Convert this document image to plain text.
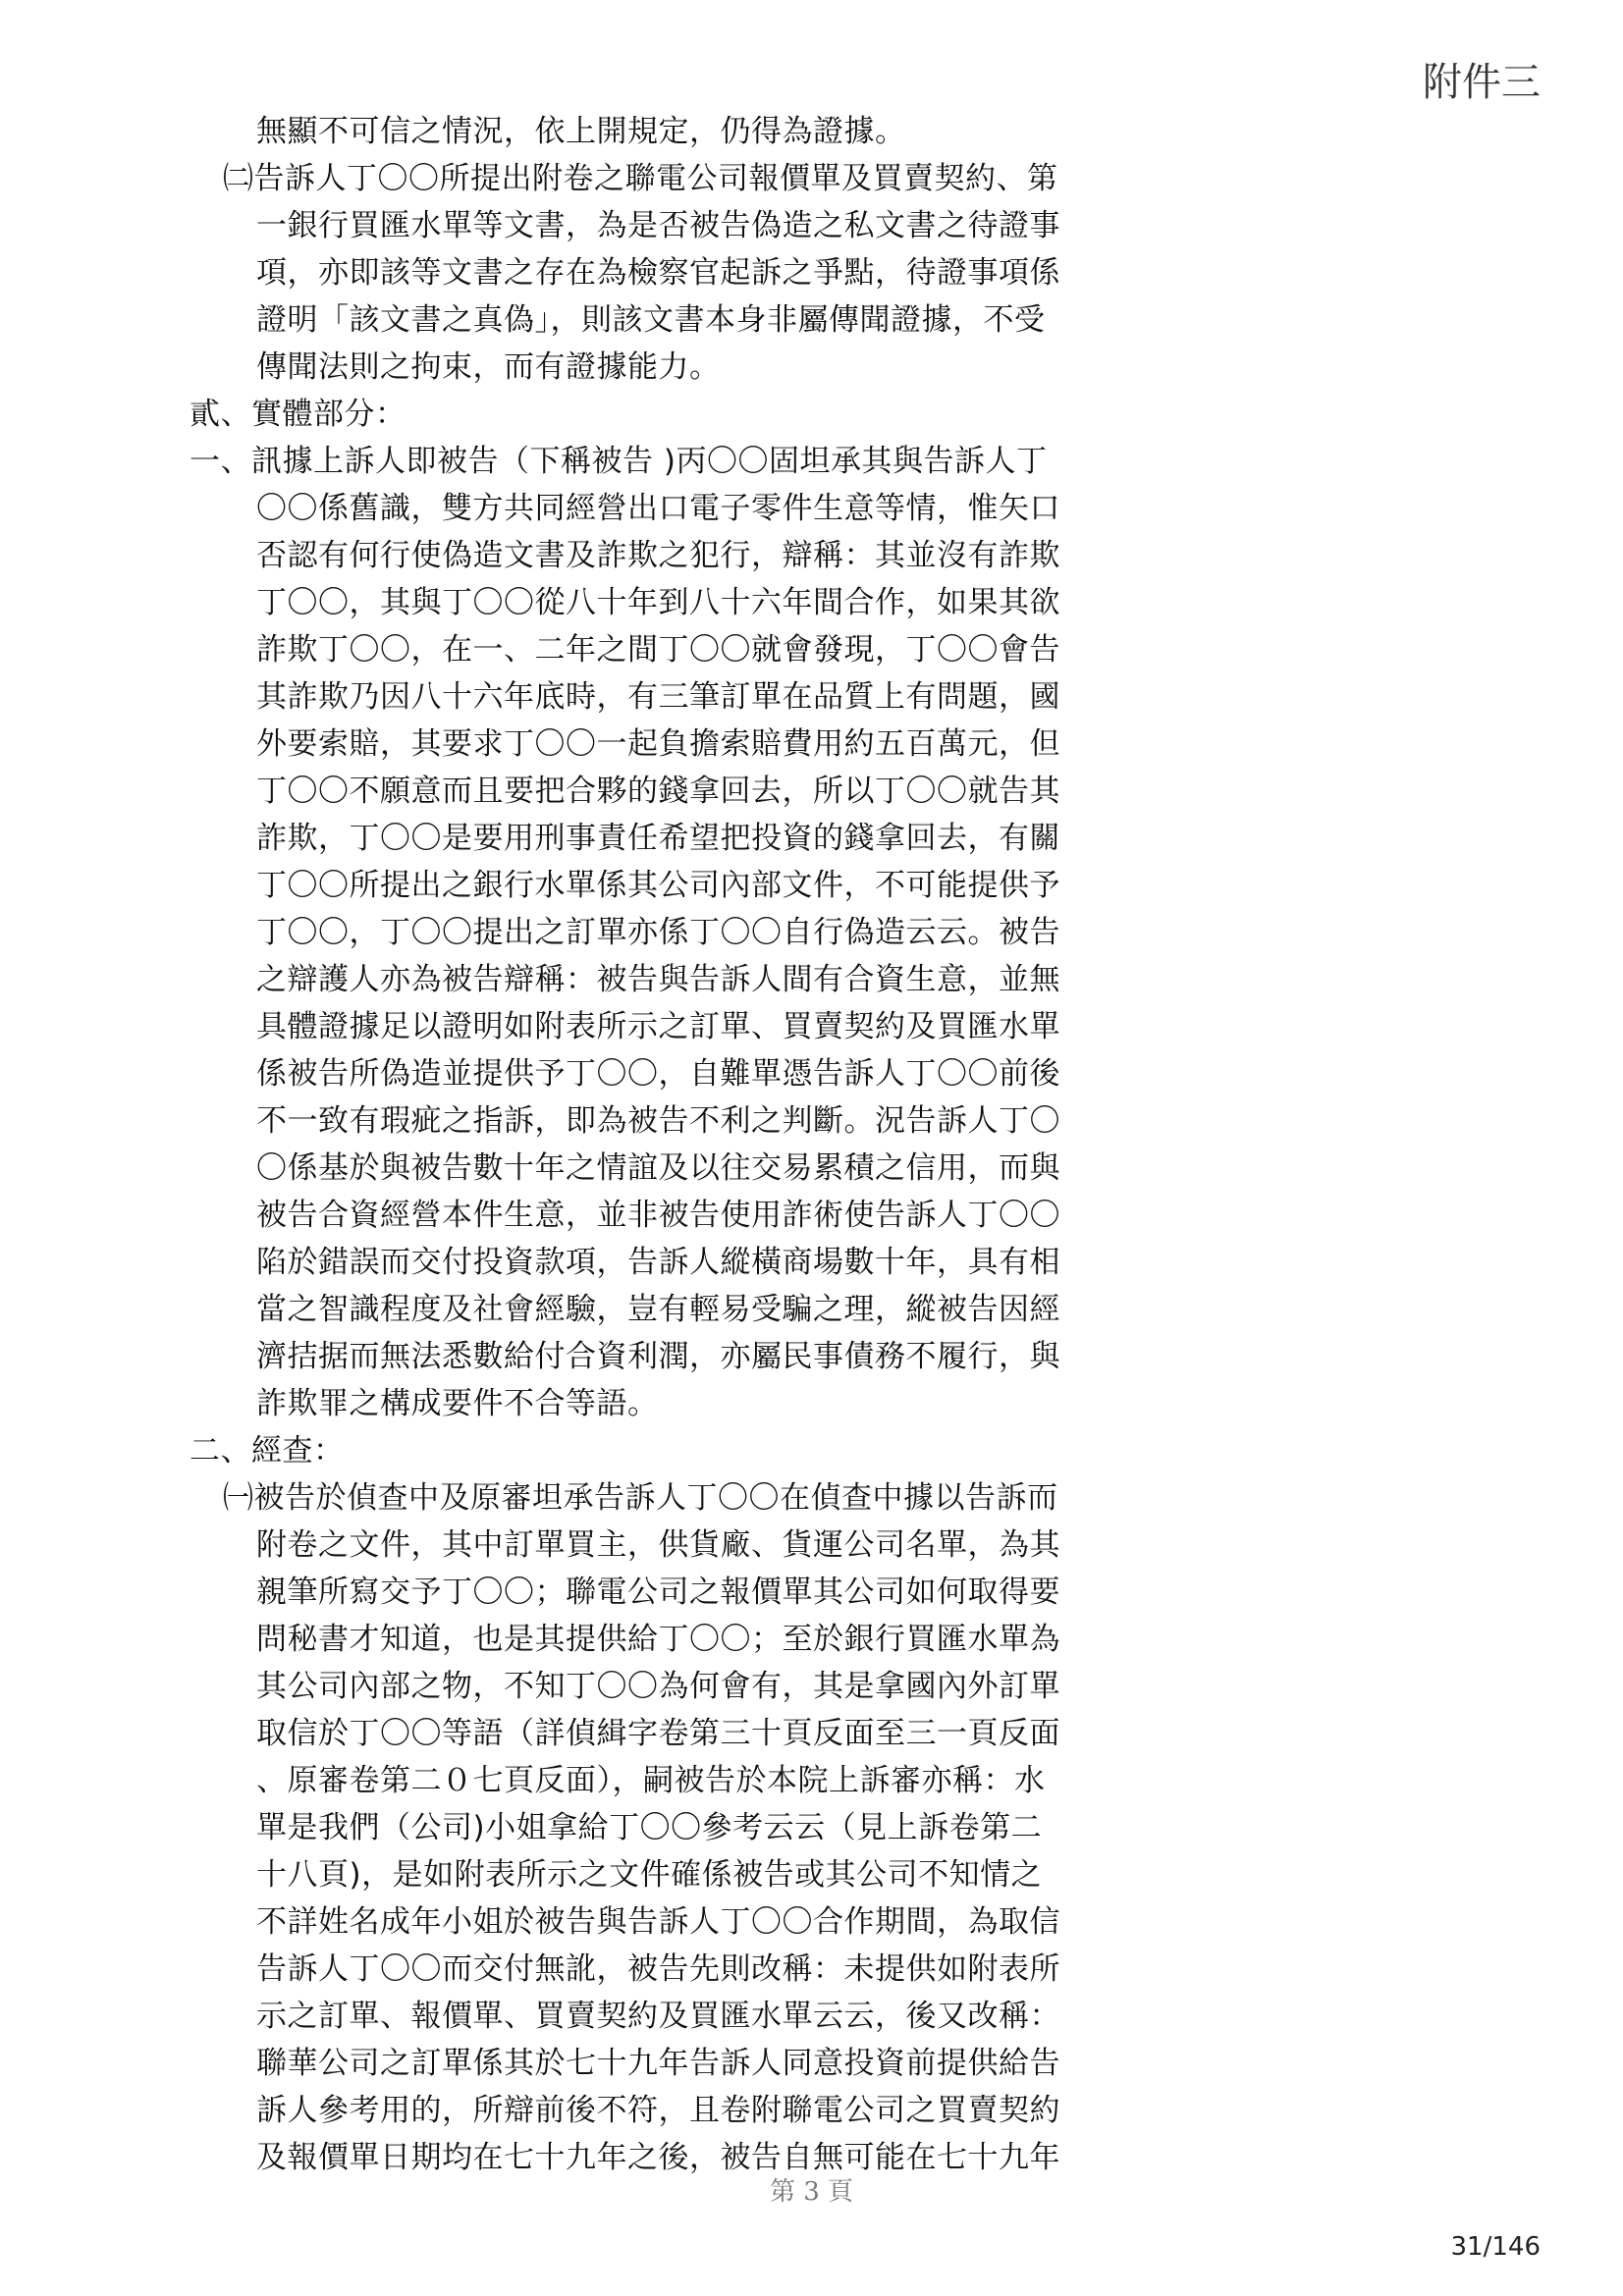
附件三
無顯不可信之情況，依上開規定，仍得為證據。
㈡告訴人丁〇〇所提出附卷之聯電公司報價單及買賣契約、第
一銀行買匯水單等文書，為是否被告偽造之私文書之待證事
項，亦即該等文書之存在為檢察官起訴之爭點，待證事項係
證明「該文書之真偽」，則該文書本身非屬傳聞證據，不受
傳聞法則之拘束，而有證據能力。
貳、實體部分：
一、訊據上訴人即被告（下稱被告 )丙〇〇固坦承其與告訴人丁
〇〇係舊識，雙方共同經營出口電子零件生意等情，惟矢口
否認有何行使偽造文書及詐欺之犯行，辯稱：其並沒有詐欺
丁〇〇，其與丁〇〇從八十年到八十六年間合作，如果其欲
詐欺丁〇〇，在一、二年之間丁〇〇就會發現，丁〇〇會告
其詐欺乃因八十六年底時，有三筆訂單在品質上有問題，國
外要索賠，其要求丁〇〇一起負擔索賠費用約五百萬元，但
丁〇〇不願意而且要把合夥的錢拿回去，所以丁〇〇就告其
詐欺，丁〇〇是要用刑事責任希望把投資的錢拿回去，有關
丁〇〇所提出之銀行水單係其公司內部文件，不可能提供予
丁〇〇，丁〇〇提出之訂單亦係丁〇〇自行偽造云云。被告
之辯護人亦為被告辯稱：被告與告訴人間有合資生意，並無
具體證據足以證明如附表所示之訂單、買賣契約及買匯水單
係被告所偽造並提供予丁〇〇，自難單憑告訴人丁〇〇前後
不一致有瑕疵之指訴，即為被告不利之判斷。況告訴人丁〇
〇係基於與被告數十年之情誼及以往交易累積之信用，而與
被告合資經營本件生意，並非被告使用詐術使告訴人丁〇〇
陷於錯誤而交付投資款項，告訴人縱橫商場數十年，具有相
當之智識程度及社會經驗，豈有輕易受騙之理，縱被告因經
濟拮据而無法悉數給付合資利潤，亦屬民事債務不履行，與
詐欺罪之構成要件不合等語。
二、經查：
㈠被告於偵查中及原審坦承告訴人丁〇〇在偵查中據以告訴而
附卷之文件，其中訂單買主，供貨廠、貨運公司名單，為其
親筆所寫交予丁〇〇；聯電公司之報價單其公司如何取得要
問秘書才知道，也是其提供給丁〇〇；至於銀行買匯水單為
其公司內部之物，不知丁〇〇為何會有，其是拿國內外訂單
取信於丁〇〇等語（詳偵緝字卷第三十頁反面至三一頁反面
、原審卷第二０七頁反面），嗣被告於本院上訴審亦稱：水
單是我們（公司)小姐拿給丁〇〇參考云云（見上訴卷第二
十八頁)，是如附表所示之文件確係被告或其公司不知情之
不詳姓名成年小姐於被告與告訴人丁〇〇合作期間，為取信
告訴人丁〇〇而交付無訛，被告先則改稱：未提供如附表所
示之訂單、報價單、買賣契約及買匯水單云云，後又改稱：
聯華公司之訂單係其於七十九年告訴人同意投資前提供給告
訴人參考用的，所辯前後不符，且卷附聯電公司之買賣契約
及報價單日期均在七十九年之後，被告自無可能在七十九年
第 3 頁
31/146
